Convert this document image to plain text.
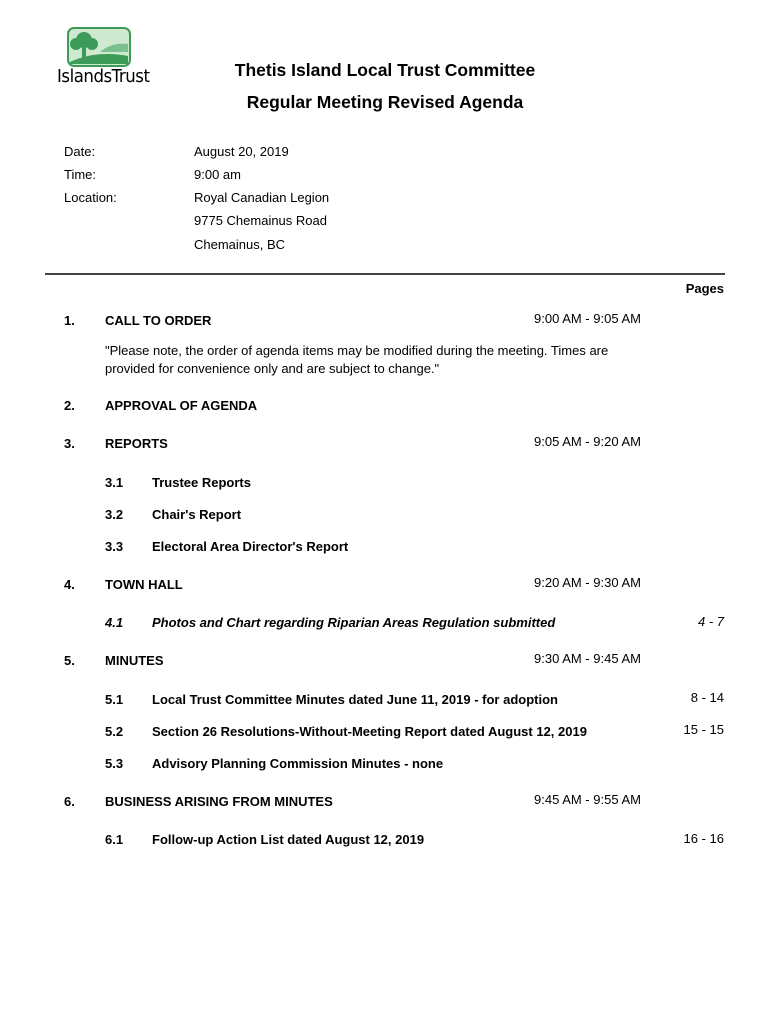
IslandsTrust	Thetis Island Local Trust Committee
Regular Meeting Revised Agenda
Date:	August 20, 2019
Time:	9:00 am
Location:	Royal Canadian Legion
9775 Chemainus Road
Chemainus, BC
Pages
1. CALL TO ORDER	9:00 AM - 9:05 AM
"Please note, the order of agenda items may be modified during the meeting. Times are provided for convenience only and are subject to change."
2. APPROVAL OF AGENDA
3. REPORTS	9:05 AM - 9:20 AM
3.1 Trustee Reports
3.2 Chair's Report
3.3 Electoral Area Director's Report
4. TOWN HALL	9:20 AM - 9:30 AM
4.1 Photos and Chart regarding Riparian Areas Regulation submitted	4 - 7
5. MINUTES	9:30 AM - 9:45 AM
5.1 Local Trust Committee Minutes dated June 11, 2019 - for adoption	8 - 14
5.2 Section 26 Resolutions-Without-Meeting Report dated August 12, 2019	15 - 15
5.3 Advisory Planning Commission Minutes - none
6. BUSINESS ARISING FROM MINUTES	9:45 AM - 9:55 AM
6.1 Follow-up Action List dated August 12, 2019	16 - 16
